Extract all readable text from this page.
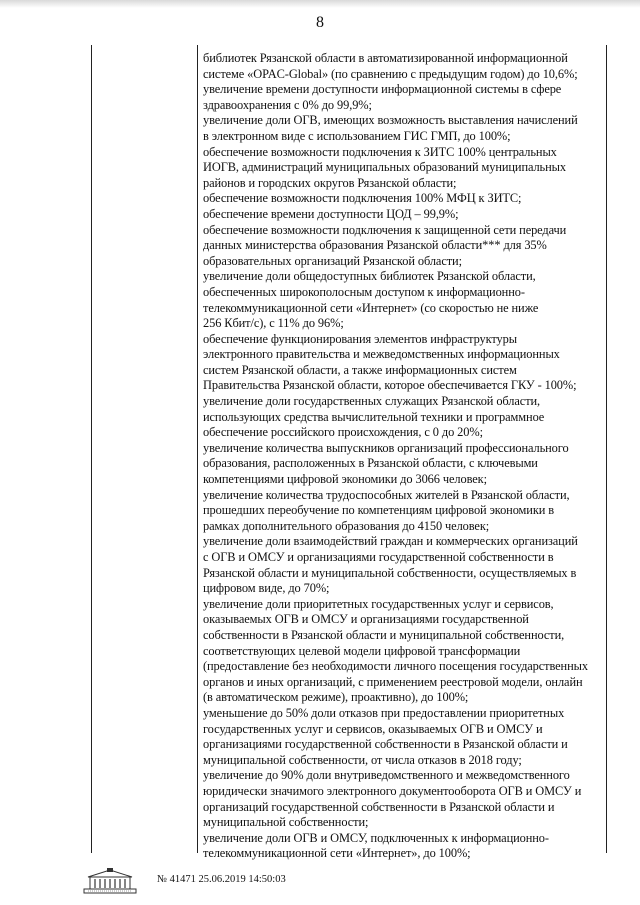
8
библиотек Рязанской области в автоматизированной информационной
системе «OPAC-Global» (по сравнению с предыдущим годом) до 10,6%;
увеличение времени доступности информационной системы в сфере
здравоохранения с 0% до 99,9%;
увеличение доли ОГВ, имеющих возможность выставления начислений
в электронном виде с использованием ГИС ГМП, до 100%;
обеспечение возможности подключения к ЗИТС 100% центральных
ИОГВ, администраций муниципальных образований муниципальных
районов и городских округов Рязанской области;
обеспечение возможности подключения 100% МФЦ к ЗИТС;
обеспечение времени доступности ЦОД – 99,9%;
обеспечение возможности подключения к защищенной сети передачи
данных министерства образования Рязанской области*** для 35%
образовательных организаций Рязанской области;
увеличение доли общедоступных библиотек Рязанской области,
обеспеченных широкополосным доступом к информационно-
телекоммуникационной сети «Интернет» (со скоростью не ниже
256 Кбит/с), с 11% до 96%;
обеспечение функционирования элементов инфраструктуры
электронного правительства и межведомственных информационных
систем Рязанской области, а также информационных систем
Правительства Рязанской области, которое обеспечивается ГКУ - 100%;
увеличение доли государственных служащих Рязанской области,
использующих средства вычислительной техники и программное
обеспечение российского происхождения, с 0 до 20%;
увеличение количества выпускников организаций профессионального
образования, расположенных в Рязанской области, с ключевыми
компетенциями цифровой экономики до 3066 человек;
увеличение количества трудоспособных жителей в Рязанской области,
прошедших переобучение по компетенциям цифровой экономики в
рамках дополнительного образования до 4150 человек;
увеличение доли взаимодействий граждан и коммерческих организаций
с ОГВ и ОМСУ и организациями государственной собственности в
Рязанской области и муниципальной собственности, осуществляемых в
цифровом виде, до 70%;
увеличение доли приоритетных государственных услуг и сервисов,
оказываемых ОГВ и ОМСУ и организациями государственной
собственности в Рязанской области и муниципальной собственности,
соответствующих целевой модели цифровой трансформации
(предоставление без необходимости личного посещения государственных
органов и иных организаций, с применением реестровой модели, онлайн
(в автоматическом режиме), проактивно), до 100%;
уменьшение до 50% доли отказов при предоставлении приоритетных
государственных услуг и сервисов, оказываемых ОГВ и ОМСУ и
организациями государственной собственности в Рязанской области и
муниципальной собственности, от числа отказов в 2018 году;
увеличение до 90% доли внутриведомственного и межведомственного
юридически значимого электронного документооборота ОГВ и ОМСУ и
организаций государственной собственности в Рязанской области и
муниципальной собственности;
увеличение доли ОГВ и ОМСУ, подключенных к информационно-
телекоммуникационной сети «Интернет», до 100%;
№ 41471 25.06.2019 14:50:03
